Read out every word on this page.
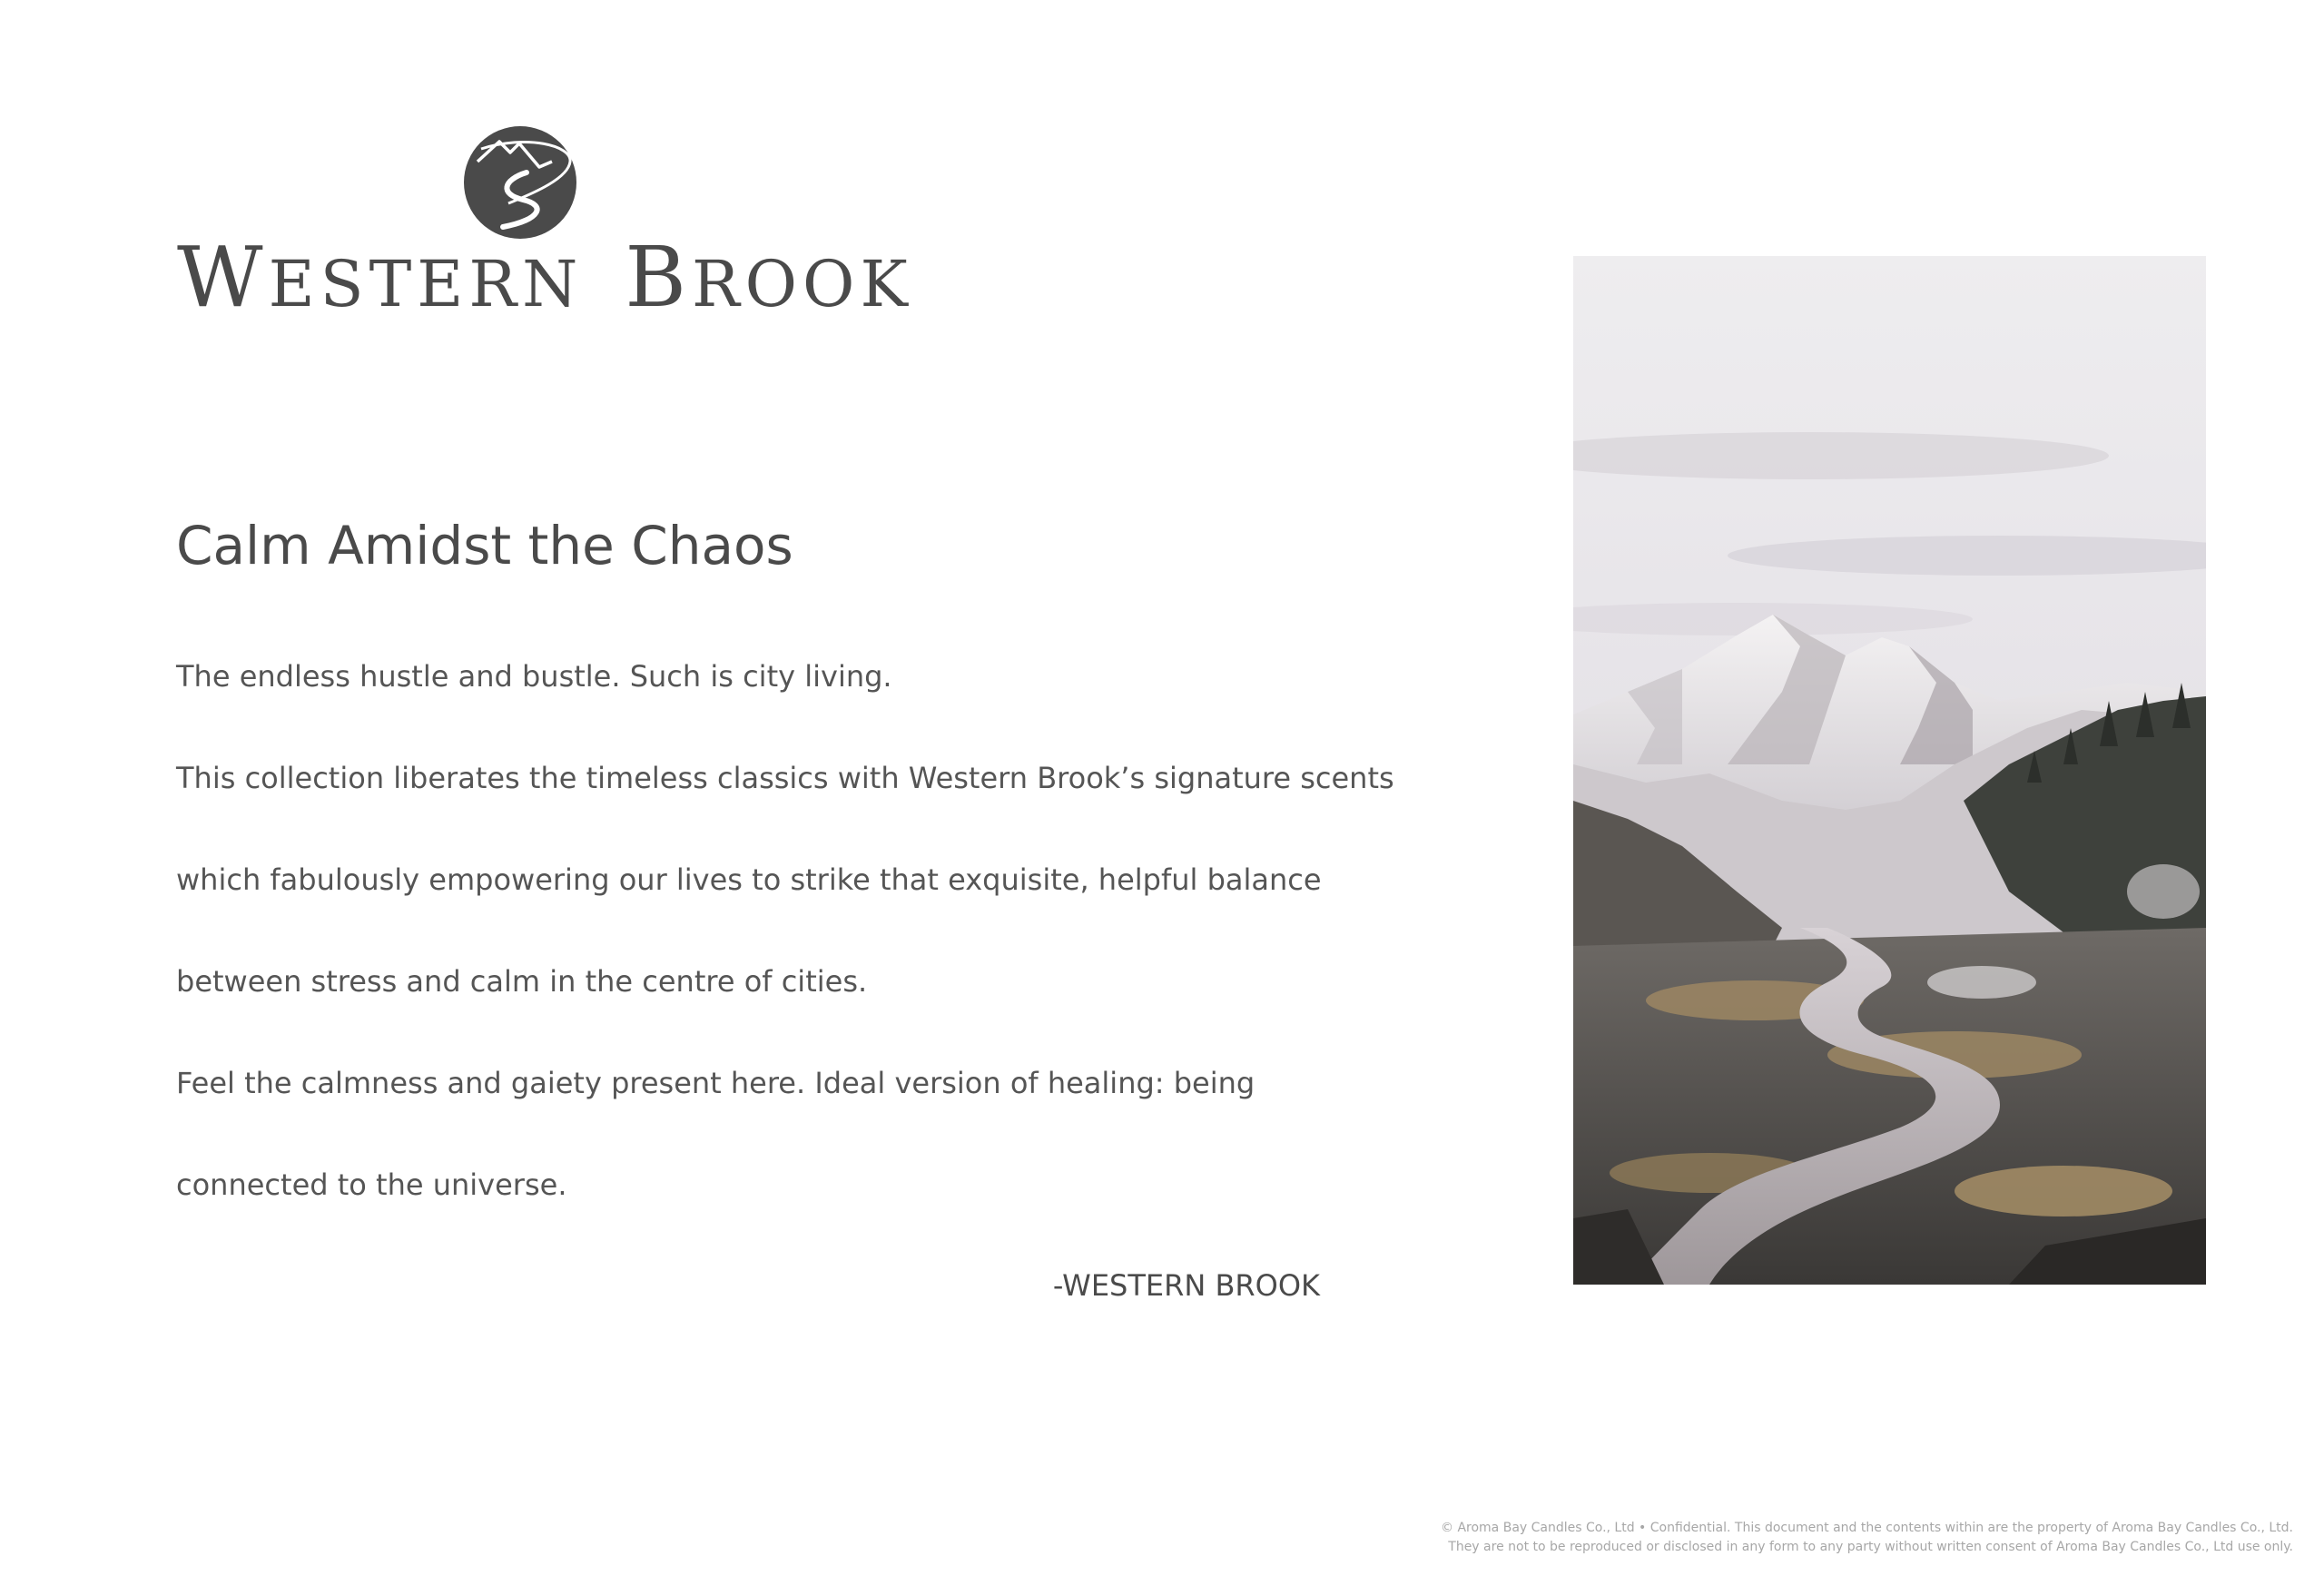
WESTERN BROOK
Calm Amidst the Chaos

The endless hustle and bustle. Such is city living.

This collection liberates the timeless classics with Western Brook’s signature scents

which fabulously empowering our lives to strike that exquisite, helpful balance

between stress and calm in the centre of cities.

Feel the calmness and gaiety present here. Ideal version of healing: being

connected to the universe.

-WESTERN BROOK

© Aroma Bay Candles Co., Ltd • Confidential. This document and the contents within are the property of Aroma Bay Candles Co., Ltd.
They are not to be reproduced or disclosed in any form to any party without written consent of Aroma Bay Candles Co., Ltd use only.
